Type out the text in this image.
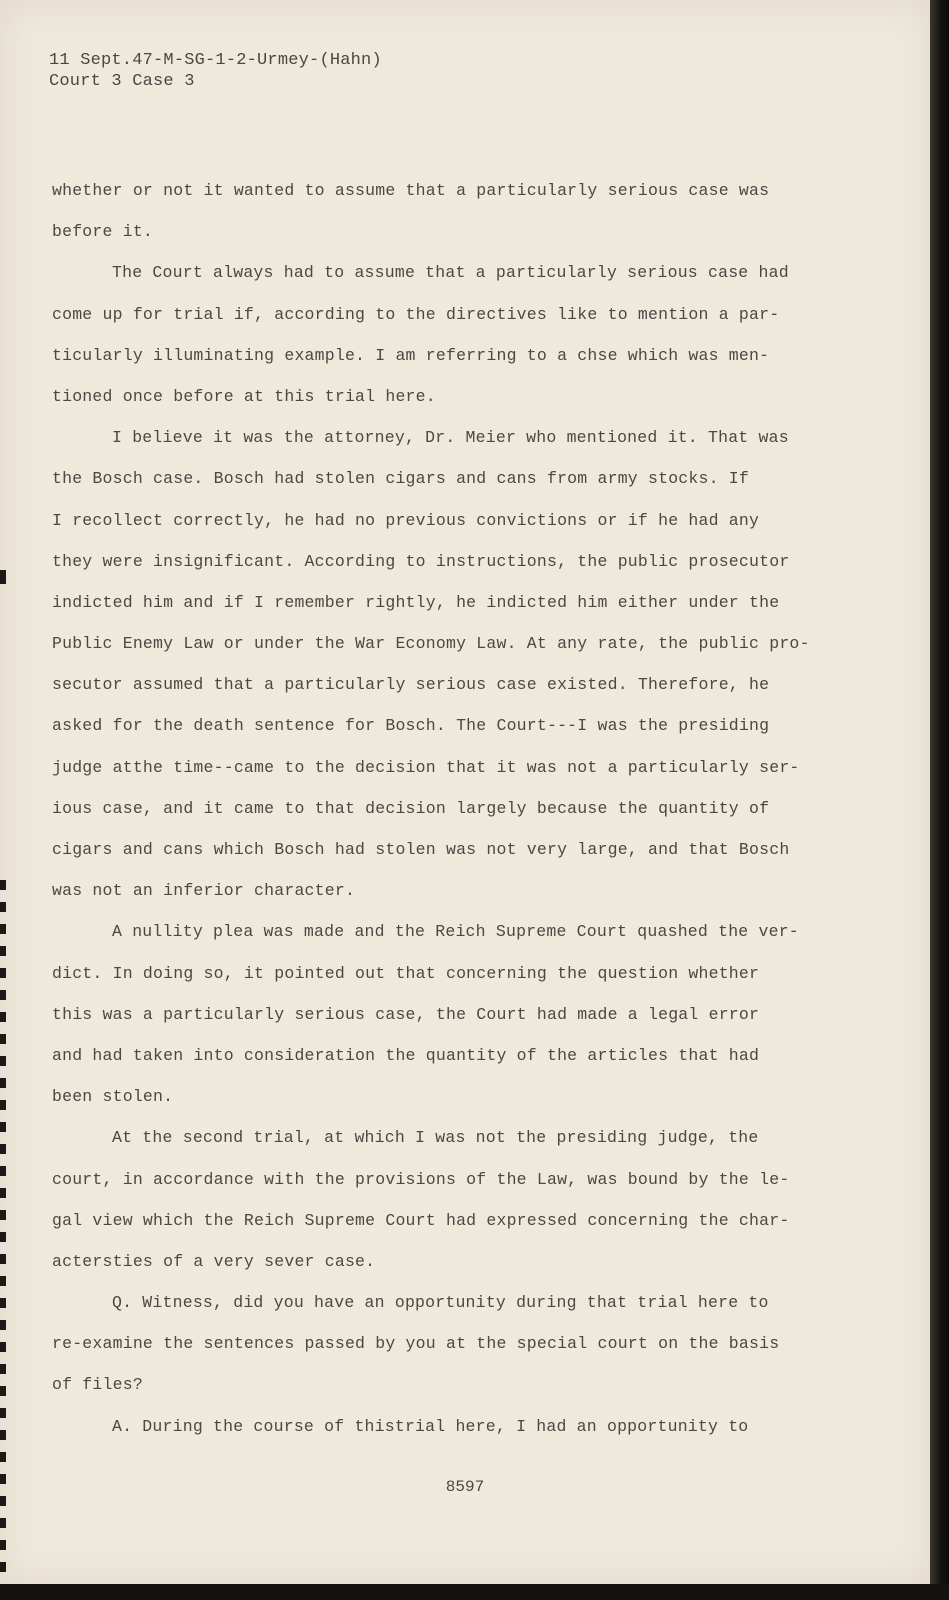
11 Sept.47-M-SG-1-2-Urmey-(Hahn)
Court 3 Case 3
whether or not it wanted to assume that a particularly serious case was
before it.
The Court always had to assume that a particularly serious case had
come up for trial if, according to the directives like to mention a par-
ticularly illuminating example. I am referring to a chse which was men-
tioned once before at this trial here.
I believe it was the attorney, Dr. Meier who mentioned it. That was
the Bosch case. Bosch had stolen cigars and cans from army stocks. If
I recollect correctly, he had no previous convictions or if he had any
they were insignificant. According to instructions, the public prosecutor
indicted him and if I remember rightly, he indicted him either under the
Public Enemy Law or under the War Economy Law. At any rate, the public pro-
secutor assumed that a particularly serious case existed. Therefore, he
asked for the death sentence for Bosch. The Court---I was the presiding
judge atthe time--came to the decision that it was not a particularly ser-
ious case, and it came to that decision largely because the quantity of
cigars and cans which Bosch had stolen was not very large, and that Bosch
was not an inferior character.
A nullity plea was made and the Reich Supreme Court quashed the ver-
dict. In doing so, it pointed out that concerning the question whether
this was a particularly serious case, the Court had made a legal error
and had taken into consideration the quantity of the articles that had
been stolen.
At the second trial, at which I was not the presiding judge, the
court, in accordance with the provisions of the Law, was bound by the le-
gal view which the Reich Supreme Court had expressed concerning the char-
actersties of a very sever case.
Q. Witness, did you have an opportunity during that trial here to
re-examine the sentences passed by you at the special court on the basis
of files?
A. During the course of thistrial here, I had an opportunity to
8597
